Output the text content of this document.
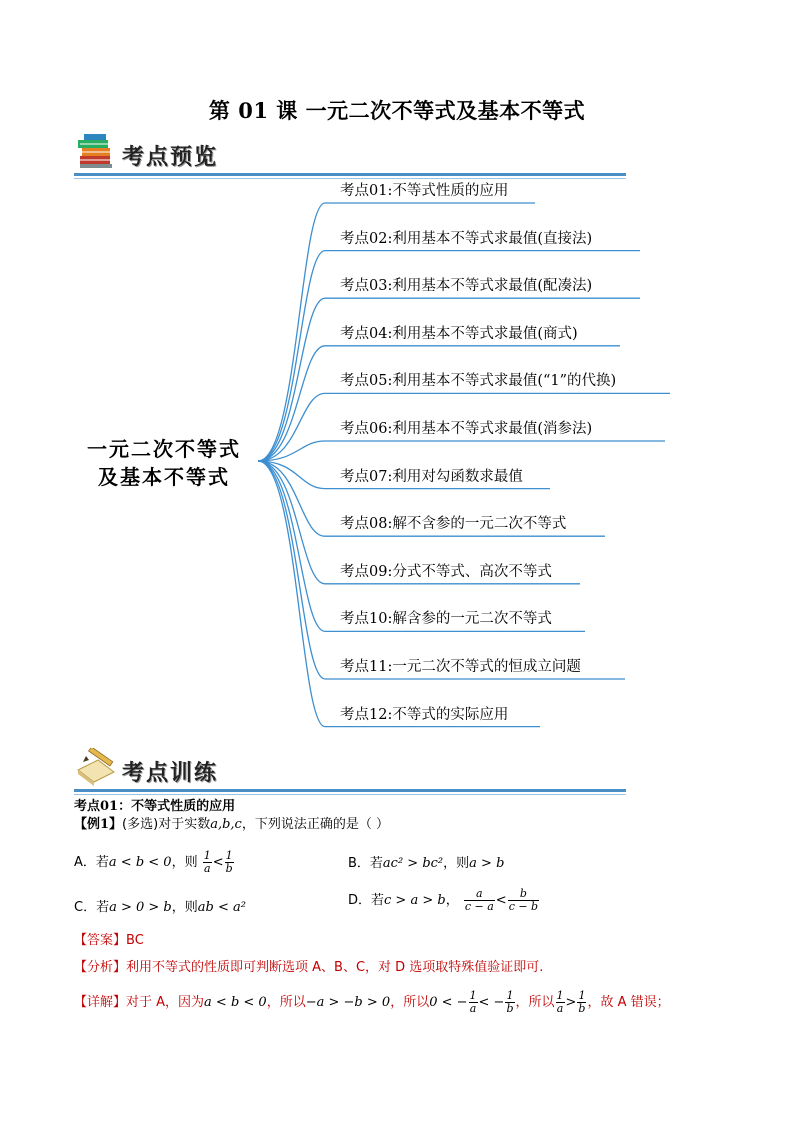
第 01 课 一元二次不等式及基本不等式
考点预览
一元二次不等式
及基本不等式
考点01:不等式性质的应用
考点02:利用基本不等式求最值(直接法)
考点03:利用基本不等式求最值(配凑法)
考点04:利用基本不等式求最值(商式)
考点05:利用基本不等式求最值(“1”的代换)
考点06:利用基本不等式求最值(消参法)
考点07:利用对勾函数求最值
考点08:解不含参的一元二次不等式
考点09:分式不等式、高次不等式
考点10:解含参的一元二次不等式
考点11:一元二次不等式的恒成立问题
考点12:不等式的实际应用
考点训练
考点01：不等式性质的应用
【例1】(多选)对于实数a,b,c，下列说法正确的是（ ）
A．若a < b < 0，则 $\frac{1}{a} < \frac{1}{b}$	B．若ac² > bc²，则a > b
C．若a > 0 > b，则ab < a²	D．若c > a > b， $\frac{a}{c - a} < \frac{b}{c - b}$
【答案】BC
【分析】利用不等式的性质即可判断选项 A、B、C，对 D 选项取特殊值验证即可.
【详解】对于 A，因为a < b < 0，所以−a > −b > 0，所以0 < − $\frac{1}{a}$ < − $\frac{1}{b}$ ，所以 $\frac{1}{a} > \frac{1}{b}$ ，故 A 错误；
